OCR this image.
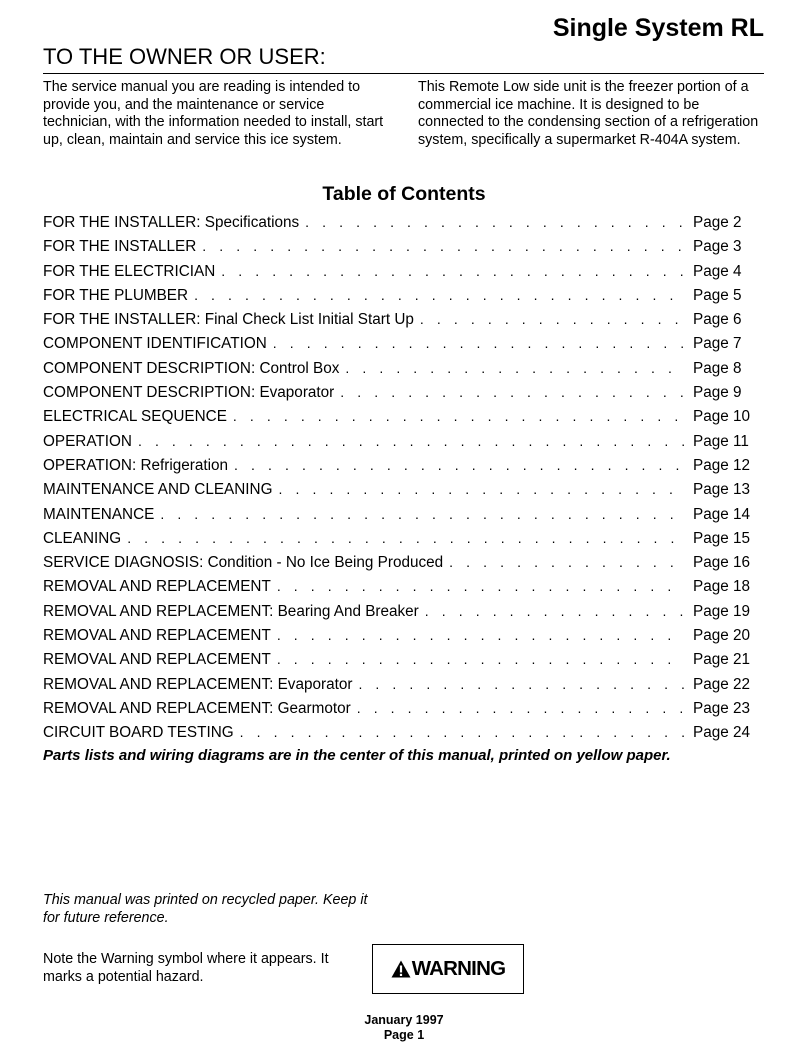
Single System RL
TO THE OWNER OR USER:

The service manual you are reading is intended to provide you, and the maintenance or service technician, with the information needed to install, start up, clean, maintain and service this ice system.

This Remote Low side unit is the freezer portion of a commercial ice machine. It is designed to be connected to the condensing section of a refrigeration system, specifically a supermarket R-404A system.

Table of Contents
FOR THE INSTALLER: Specifications . . .	Page 2
FOR THE INSTALLER . . .	Page 3
FOR THE ELECTRICIAN . . .	Page 4
FOR THE PLUMBER . . .	Page 5
FOR THE INSTALLER: Final Check List Initial Start Up . . .	Page 6
COMPONENT IDENTIFICATION . . .	Page 7
COMPONENT DESCRIPTION: Control Box . . .	Page 8
COMPONENT DESCRIPTION: Evaporator . . .	Page 9
ELECTRICAL SEQUENCE . . .	Page 10
OPERATION . . .	Page 11
OPERATION: Refrigeration . . .	Page 12
MAINTENANCE AND CLEANING . . .	Page 13
MAINTENANCE . . .	Page 14
CLEANING . . .	Page 15
SERVICE DIAGNOSIS: Condition - No Ice Being Produced . . .	Page 16
REMOVAL AND REPLACEMENT . . .	Page 18
REMOVAL AND REPLACEMENT: Bearing And Breaker . . .	Page 19
REMOVAL AND REPLACEMENT . . .	Page 20
REMOVAL AND REPLACEMENT . . .	Page 21
REMOVAL AND REPLACEMENT: Evaporator . . .	Page 22
REMOVAL AND REPLACEMENT: Gearmotor . . .	Page 23
CIRCUIT BOARD TESTING . . .	Page 24

Parts lists and wiring diagrams are in the center of this manual, printed on yellow paper.

This manual was printed on recycled paper. Keep it for future reference.

Note the Warning symbol where it appears. It marks a potential hazard.	WARNING

January 1997

Page 1
